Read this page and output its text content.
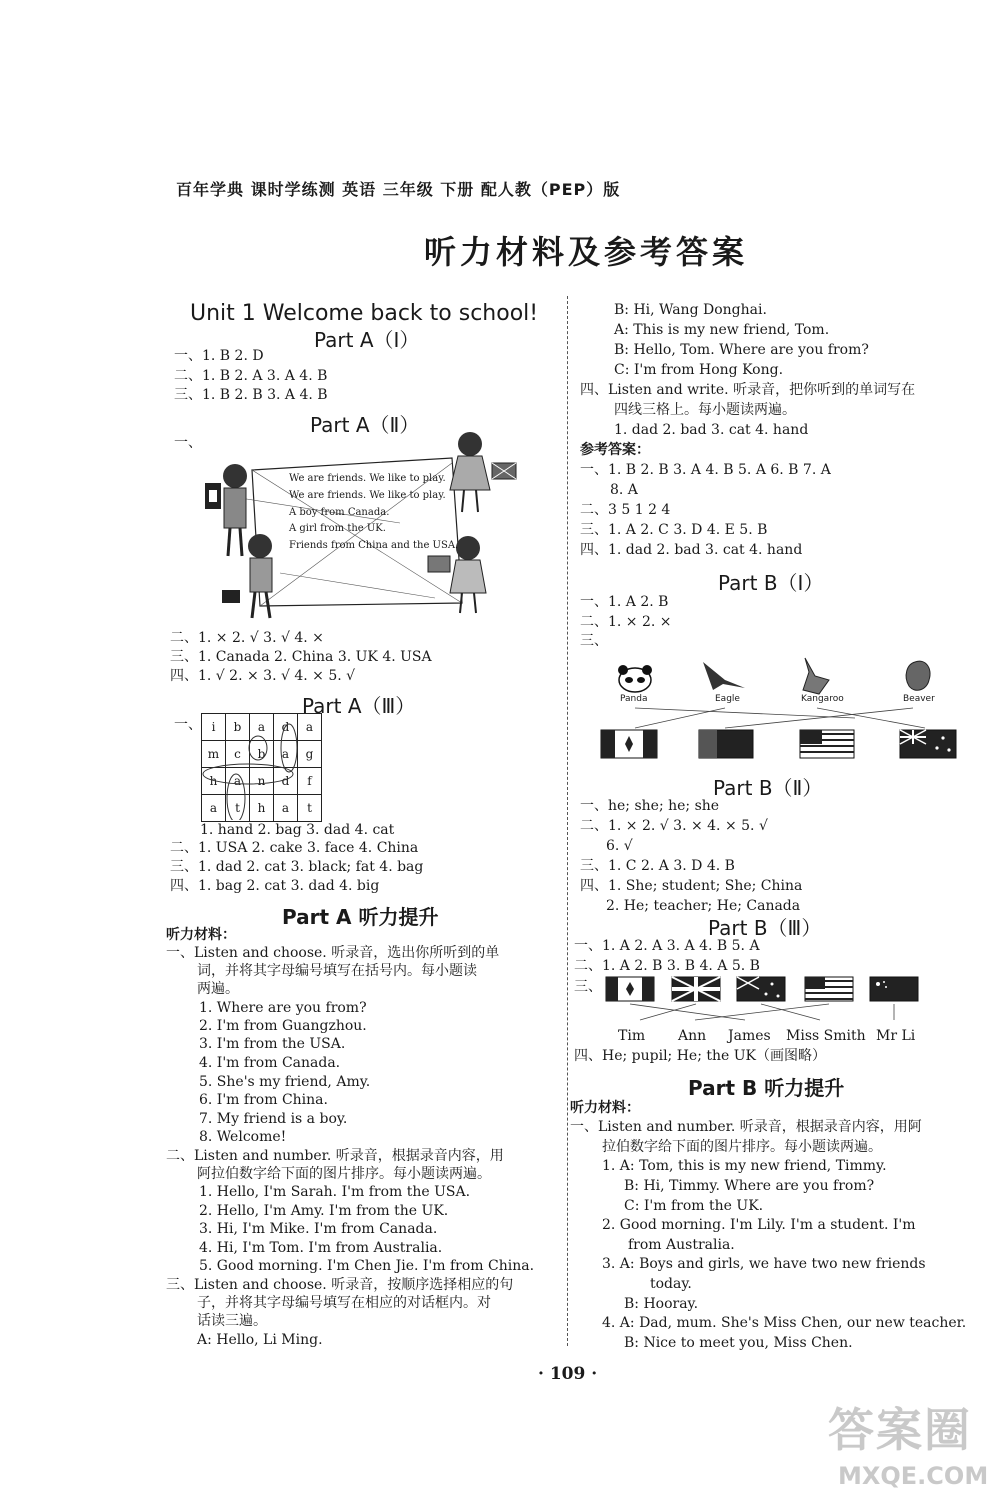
百年学典 课时学练测 英语 三年级 下册 配人教（PEP）版
听力材料及参考答案
Unit 1 Welcome back to school!
Part A（Ⅰ）
一、1. B 2. D
二、1. B 2. A 3. A 4. B
三、1. B 2. B 3. A 4. B
Part A（Ⅱ）
一、
We are friends. We like to play.
We are friends. We like to play.
A boy from Canada.
A girl from the UK.
Friends from China and the USA.
二、1. × 2. √ 3. √ 4. ×
三、1. Canada 2. China 3. UK 4. USA
四、1. √ 2. × 3. √ 4. × 5. √
Part A（Ⅲ）
一、 i	b	a	d	a
m	c	b	a	g
h	a	n	d	f
a	t	h	a	t
1. hand 2. bag 3. dad 4. cat
二、1. USA 2. cake 3. face 4. China
三、1. dad 2. cat 3. black; fat 4. bag
四、1. bag 2. cat 3. dad 4. big
Part A 听力提升
听力材料：
一、Listen and choose. 听录音，选出你所听到的单
词，并将其字母编号填写在括号内。每小题读
两遍。
1. Where are you from?
2. I'm from Guangzhou.
3. I'm from the USA.
4. I'm from Canada.
5. She's my friend, Amy.
6. I'm from China.
7. My friend is a boy.
8. Welcome!
二、Listen and number. 听录音，根据录音内容，用
阿拉伯数字给下面的图片排序。每小题读两遍。
1. Hello, I'm Sarah. I'm from the USA.
2. Hello, I'm Amy. I'm from the UK.
3. Hi, I'm Mike. I'm from Canada.
4. Hi, I'm Tom. I'm from Australia.
5. Good morning. I'm Chen Jie. I'm from China.
三、Listen and choose. 听录音，按顺序选择相应的句
子，并将其字母编号填写在相应的对话框内。对
话读三遍。
A: Hello, Li Ming.
B: Hi, Wang Donghai.
A: This is my new friend, Tom.
B: Hello, Tom. Where are you from?
C: I'm from Hong Kong.
四、Listen and write. 听录音，把你听到的单词写在
四线三格上。每小题读两遍。
1. dad 2. bad 3. cat 4. hand
参考答案：
一、1. B 2. B 3. A 4. B 5. A 6. B 7. A
8. A
二、3 5 1 2 4
三、1. A 2. C 3. D 4. E 5. B
四、1. dad 2. bad 3. cat 4. hand
Part B（Ⅰ）
一、1. A 2. B
二、1. × 2. ×
三、
Panda	Eagle	Kangaroo	Beaver
Part B（Ⅱ）
一、he; she; he; she
二、1. × 2. √ 3. × 4. × 5. √
6. √
三、1. C 2. A 3. D 4. B
四、1. She; student; She; China
2. He; teacher; He; Canada
Part B（Ⅲ）
一、1. A 2. A 3. A 4. B 5. A
二、1. A 2. B 3. B 4. A 5. B
三、
Tim Ann James Miss Smith Mr Li
四、He; pupil; He; the UK（画图略）
Part B 听力提升
听力材料：
一、Listen and number. 听录音，根据录音内容，用阿
拉伯数字给下面的图片排序。每小题读两遍。
1. A: Tom, this is my new friend, Timmy.
B: Hi, Timmy. Where are you from?
C: I'm from the UK.
2. Good morning. I'm Lily. I'm a student. I'm
from Australia.
3. A: Boys and girls, we have two new friends
today.
B: Hooray.
4. A: Dad, mum. She's Miss Chen, our new teacher.
B: Nice to meet you, Miss Chen.
· 109 ·
答案圈
MXQE.COM
